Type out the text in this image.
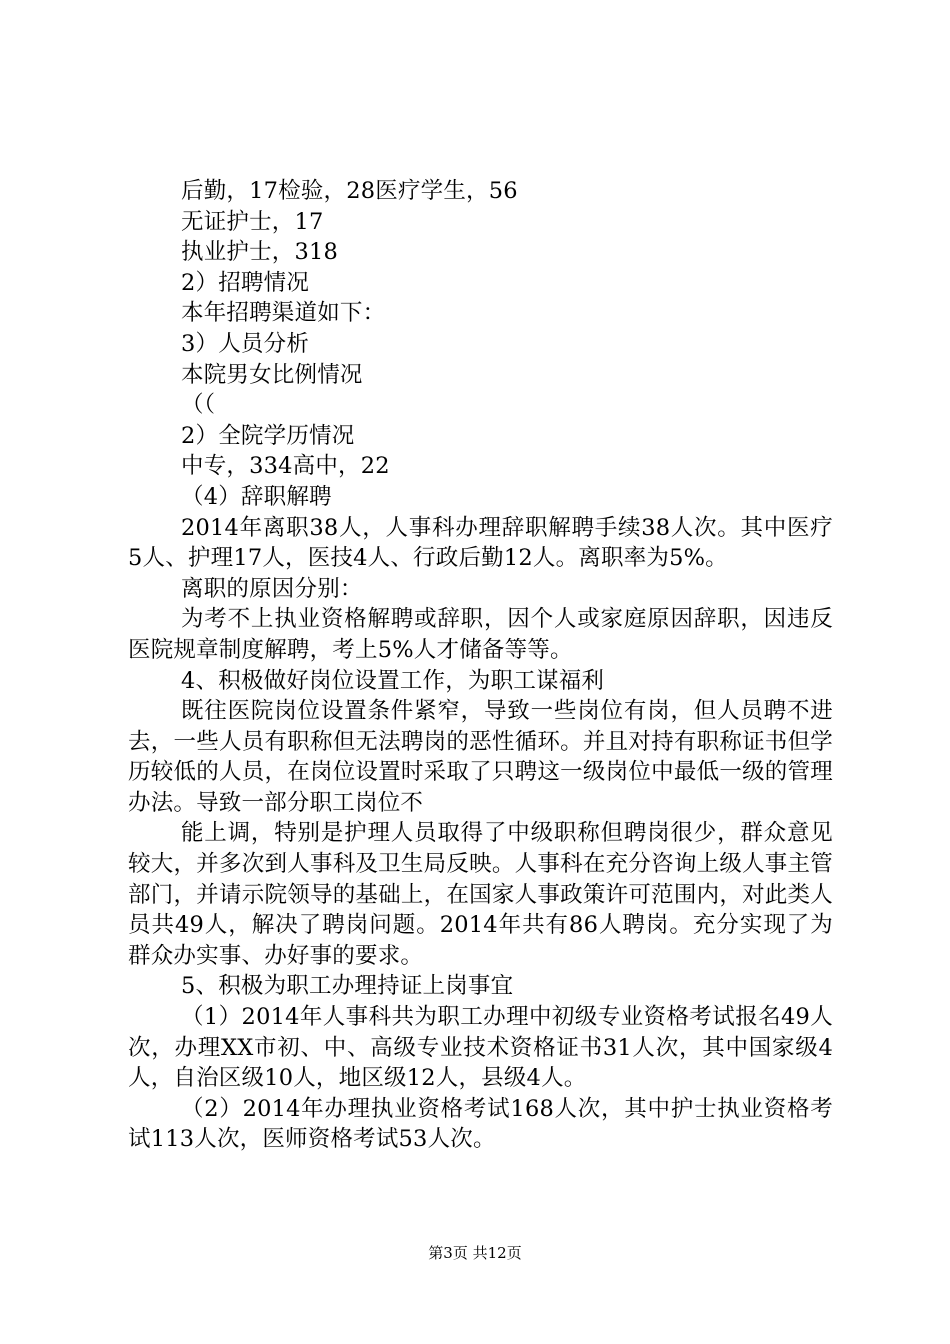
后勤，17检验，28医疗学生，56
无证护士，17
执业护士，318
2）招聘情况
本年招聘渠道如下：
3）人员分析
本院男女比例情况
（（
2）全院学历情况
中专，334高中，22
（4）辞职解聘

2014年离职38人，人事科办理辞职解聘手续38人次。其中医疗5人、护理17人，医技4人、行政后勤12人。离职率为5%。

离职的原因分别：

为考不上执业资格解聘或辞职，因个人或家庭原因辞职，因违反医院规章制度解聘，考上5%人才储备等等。

4、积极做好岗位设置工作，为职工谋福利

既往医院岗位设置条件紧窄，导致一些岗位有岗，但人员聘不进去，一些人员有职称但无法聘岗的恶性循环。并且对持有职称证书但学历较低的人员，在岗位设置时采取了只聘这一级岗位中最低一级的管理办法。导致一部分职工岗位不

能上调，特别是护理人员取得了中级职称但聘岗很少，群众意见较大，并多次到人事科及卫生局反映。人事科在充分咨询上级人事主管部门，并请示院领导的基础上，在国家人事政策许可范围内，对此类人员共49人，解决了聘岗问题。2014年共有86人聘岗。充分实现了为群众办实事、办好事的要求。

5、积极为职工办理持证上岗事宜

（1）2014年人事科共为职工办理中初级专业资格考试报名49人次，办理XX市初、中、高级专业技术资格证书31人次，其中国家级4人，自治区级10人，地区级12人，县级4人。

（2）2014年办理执业资格考试168人次，其中护士执业资格考试113人次，医师资格考试53人次。

第3页 共12页
